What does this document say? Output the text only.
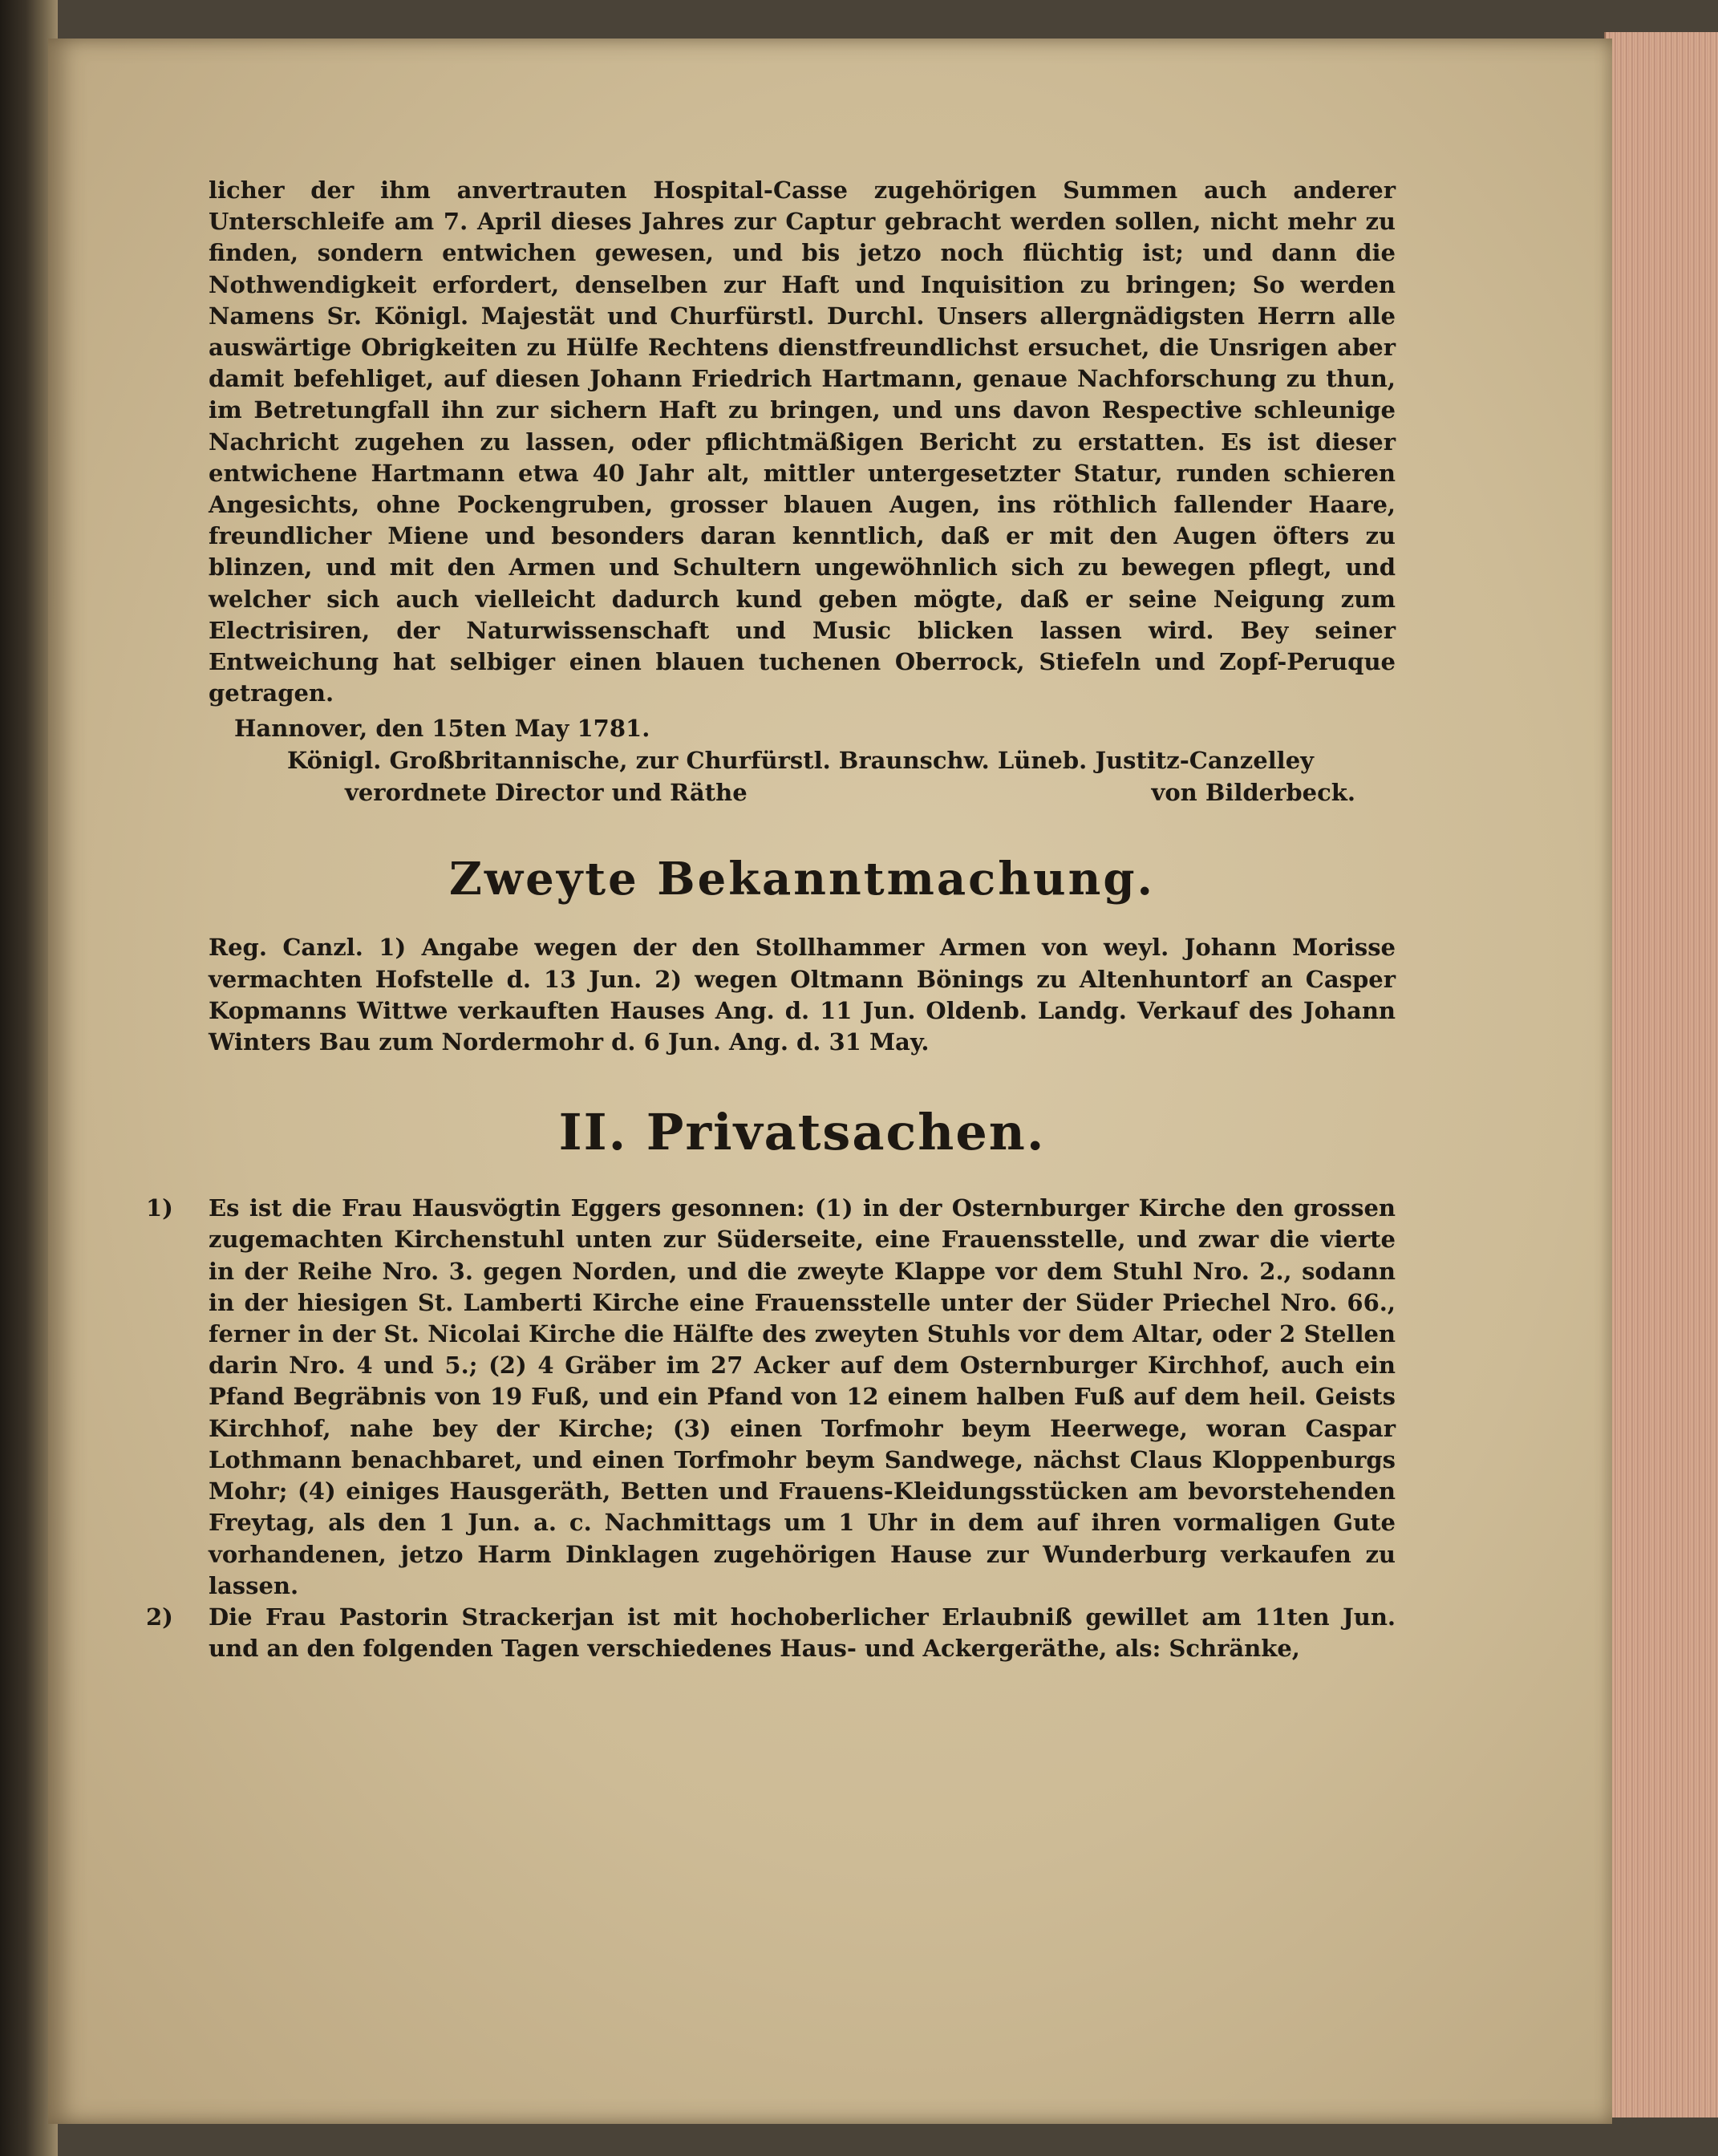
licher der ihm anvertrauten Hospital-Casse zugehörigen Summen auch anderer Unterschleife am 7. April dieses Jahres zur Captur gebracht werden sollen, nicht mehr zu finden, sondern entwichen gewesen, und bis jetzo noch flüchtig ist; und dann die Nothwendigkeit erfordert, denselben zur Haft und Inquisition zu bringen; So werden Namens Sr. Königl. Majestät und Churfürstl. Durchl. Unsers allergnädigsten Herrn alle auswärtige Obrigkeiten zu Hülfe Rechtens dienstfreundlichst ersuchet, die Unsrigen aber damit befehliget, auf diesen Johann Friedrich Hartmann, genaue Nachforschung zu thun, im Betretungfall ihn zur sichern Haft zu bringen, und uns davon Respective schleunige Nachricht zugehen zu lassen, oder pflichtmäßigen Bericht zu erstatten. Es ist dieser entwichene Hartmann etwa 40 Jahr alt, mittler untergesetzter Statur, runden schieren Angesichts, ohne Pockengruben, grosser blauen Augen, ins röthlich fallender Haare, freundlicher Miene und besonders daran kenntlich, daß er mit den Augen öfters zu blinzen, und mit den Armen und Schultern ungewöhnlich sich zu bewegen pflegt, und welcher sich auch vielleicht dadurch kund geben mögte, daß er seine Neigung zum Electrisiren, der Naturwissenschaft und Music blicken lassen wird. Bey seiner Entweichung hat selbiger einen blauen tuchenen Oberrock, Stiefeln und Zopf-Peruque getragen.

Hannover, den 15ten May 1781.
Königl. Großbritannische, zur Churfürstl. Braunschw. Lüneb. Justitz-Canzelley
verordnete Director und Räthe	von Bilderbeck.
Zweyte Bekanntmachung.

Reg. Canzl. 1) Angabe wegen der den Stollhammer Armen von weyl. Johann Morisse vermachten Hofstelle d. 13 Jun. 2) wegen Oltmann Bönings zu Altenhuntorf an Casper Kopmanns Wittwe verkauften Hauses Ang. d. 11 Jun. Oldenb. Landg. Verkauf des Johann Winters Bau zum Nordermohr d. 6 Jun. Ang. d. 31 May.

II. Privatsachen.
1) Es ist die Frau Hausvögtin Eggers gesonnen: (1) in der Osternburger Kirche den grossen zugemachten Kirchenstuhl unten zur Süderseite, eine Frauensstelle, und zwar die vierte in der Reihe Nro. 3. gegen Norden, und die zweyte Klappe vor dem Stuhl Nro. 2., sodann in der hiesigen St. Lamberti Kirche eine Frauensstelle unter der Süder Priechel Nro. 66., ferner in der St. Nicolai Kirche die Hälfte des zweyten Stuhls vor dem Altar, oder 2 Stellen darin Nro. 4 und 5.; (2) 4 Gräber im 27 Acker auf dem Osternburger Kirchhof, auch ein Pfand Begräbnis von 19 Fuß, und ein Pfand von 12 einem halben Fuß auf dem heil. Geists Kirchhof, nahe bey der Kirche; (3) einen Torfmohr beym Heerwege, woran Caspar Lothmann benachbaret, und einen Torfmohr beym Sandwege, nächst Claus Kloppenburgs Mohr; (4) einiges Hausgeräth, Betten und Frauens-Kleidungsstücken am bevorstehenden Freytag, als den 1 Jun. a. c. Nachmittags um 1 Uhr in dem auf ihren vormaligen Gute vorhandenen, jetzo Harm Dinklagen zugehörigen Hause zur Wunderburg verkaufen zu lassen.

2) Die Frau Pastorin Strackerjan ist mit hochoberlicher Erlaubniß gewillet am 11ten Jun. und an den folgenden Tagen verschiedenes Haus- und Ackergeräthe, als: Schränke,
